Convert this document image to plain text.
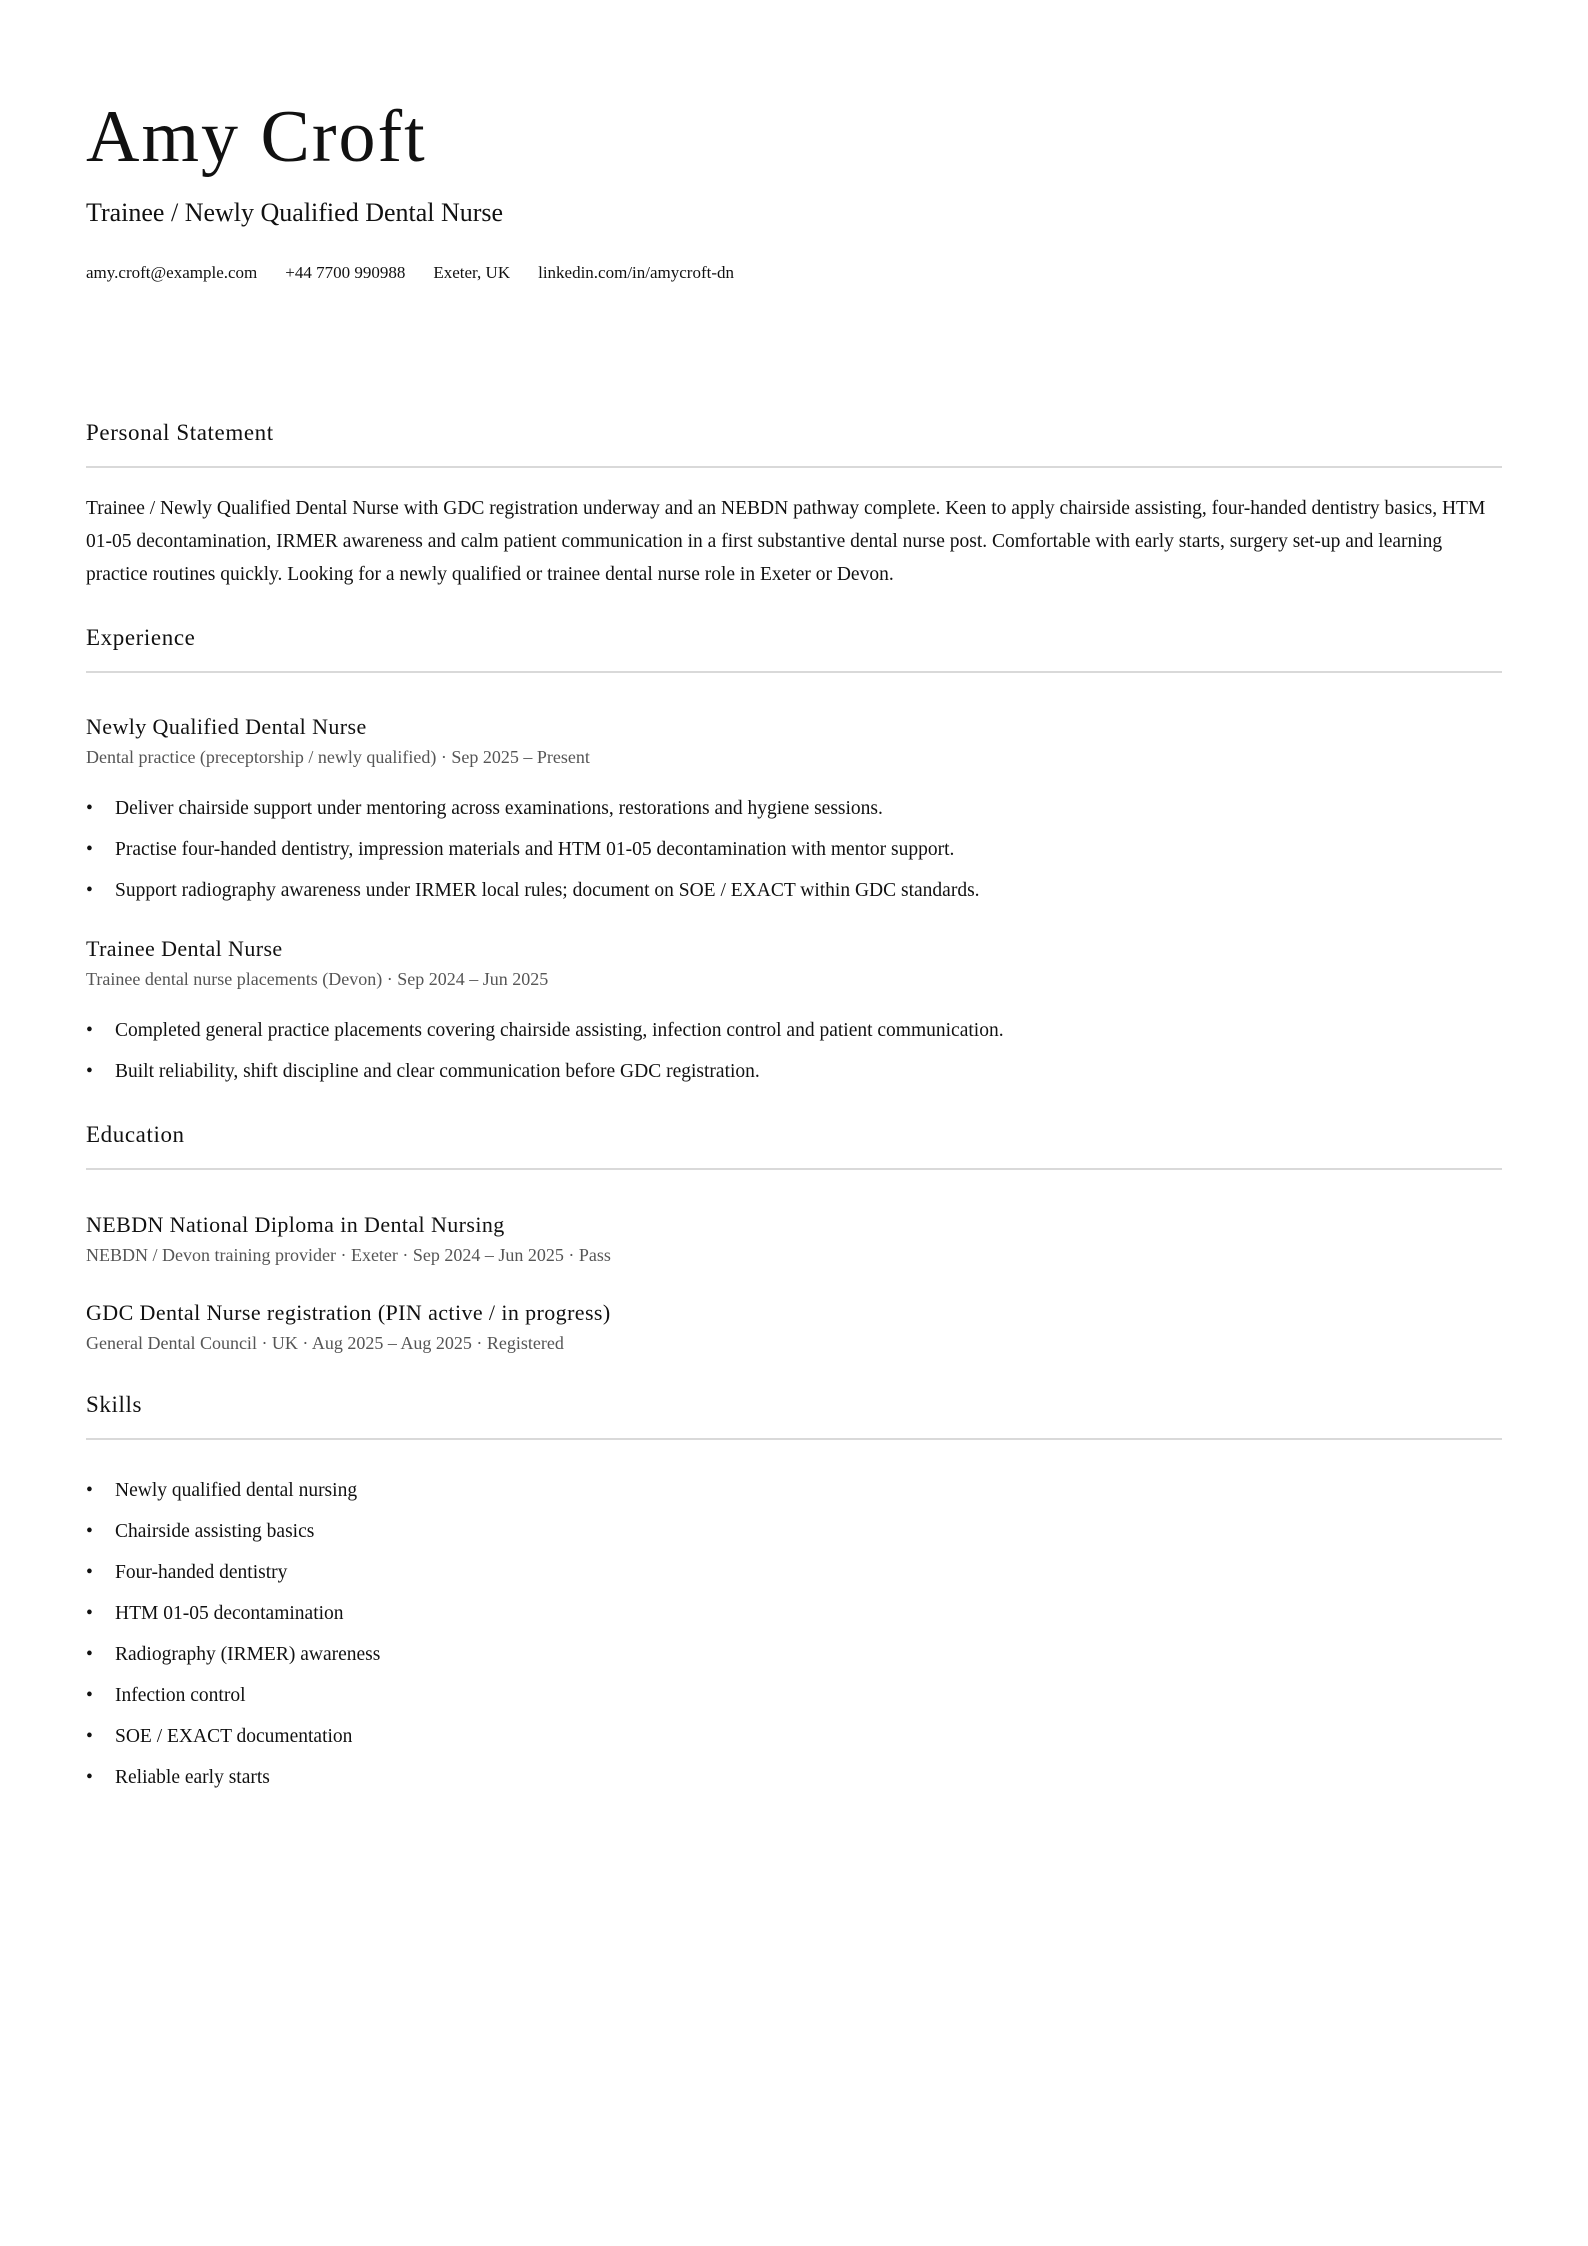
Amy Croft
Trainee / Newly Qualified Dental Nurse
amy.croft@example.com +44 7700 990988 Exeter, UK linkedin.com/in/amycroft-dn
Personal Statement

Trainee / Newly Qualified Dental Nurse with GDC registration underway and an NEBDN pathway complete. Keen to apply chairside assisting, four-handed dentistry basics, HTM 01-05 decontamination, IRMER awareness and calm patient communication in a first substantive dental nurse post. Comfortable with early starts, surgery set-up and learning practice routines quickly. Looking for a newly qualified or trainee dental nurse role in Exeter or Devon.

Experience
Newly Qualified Dental Nurse
Dental practice (preceptorship / newly qualified) · Sep 2025 – Present
• Deliver chairside support under mentoring across examinations, restorations and hygiene sessions.
• Practise four-handed dentistry, impression materials and HTM 01-05 decontamination with mentor support.
• Support radiography awareness under IRMER local rules; document on SOE / EXACT within GDC standards.
Trainee Dental Nurse
Trainee dental nurse placements (Devon) · Sep 2024 – Jun 2025
• Completed general practice placements covering chairside assisting, infection control and patient communication.
• Built reliability, shift discipline and clear communication before GDC registration.
Education
NEBDN National Diploma in Dental Nursing
NEBDN / Devon training provider · Exeter · Sep 2024 – Jun 2025 · Pass
GDC Dental Nurse registration (PIN active / in progress)
General Dental Council · UK · Aug 2025 – Aug 2025 · Registered
Skills
• Newly qualified dental nursing
• Chairside assisting basics
• Four-handed dentistry
• HTM 01-05 decontamination
• Radiography (IRMER) awareness
• Infection control
• SOE / EXACT documentation
• Reliable early starts
